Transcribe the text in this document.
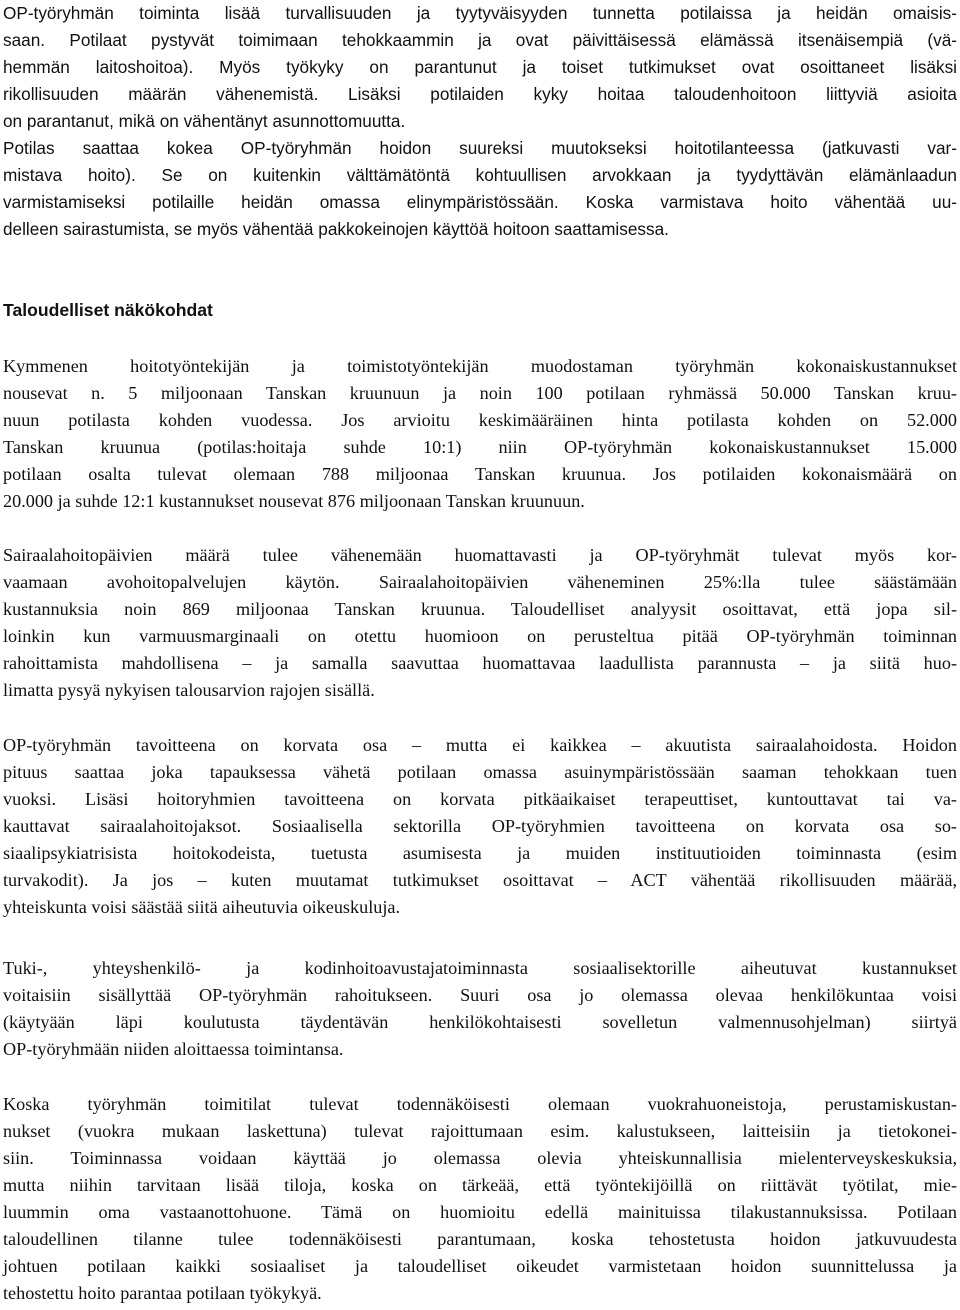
OP-työryhmän toiminta lisää turvallisuuden ja tyytyväisyyden tunnetta potilaissa ja heidän omaisis-
saan. Potilaat pystyvät toimimaan tehokkaammin ja ovat päivittäisessä elämässä itsenäisempiä (vä-
hemmän laitoshoitoa). Myös työkyky on parantunut ja toiset tutkimukset ovat osoittaneet lisäksi
rikollisuuden määrän vähenemistä. Lisäksi potilaiden kyky hoitaa taloudenhoitoon liittyviä asioita
on parantanut, mikä on vähentänyt asunnottomuutta.
Potilas saattaa kokea OP-työryhmän hoidon suureksi muutokseksi hoitotilanteessa (jatkuvasti var-
mistava hoito). Se on kuitenkin välttämätöntä kohtuullisen arvokkaan ja tyydyttävän elämänlaadun
varmistamiseksi potilaille heidän omassa elinympäristössään. Koska varmistava hoito vähentää uu-
delleen sairastumista, se myös vähentää pakkokeinojen käyttöä hoitoon saattamisessa.
Taloudelliset näkökohdat
Kymmenen hoitotyöntekijän ja toimistotyöntekijän muodostaman työryhmän kokonaiskustannukset
nousevat n. 5 miljoonaan Tanskan kruunuun ja noin 100 potilaan ryhmässä 50.000 Tanskan kruu-
nuun potilasta kohden vuodessa. Jos arvioitu keskimääräinen hinta potilasta kohden on 52.000
Tanskan kruunua (potilas:hoitaja suhde 10:1) niin OP-työryhmän kokonaiskustannukset 15.000
potilaan osalta tulevat olemaan 788 miljoonaa Tanskan kruunua. Jos potilaiden kokonaismäärä on
20.000 ja suhde 12:1 kustannukset nousevat 876 miljoonaan Tanskan kruunuun.
Sairaalahoitopäivien määrä tulee vähenemään huomattavasti ja OP-työryhmät tulevat myös kor-
vaamaan avohoitopalvelujen käytön. Sairaalahoitopäivien väheneminen 25%:lla tulee säästämään
kustannuksia noin 869 miljoonaa Tanskan kruunua. Taloudelliset analyysit osoittavat, että jopa sil-
loinkin kun varmuusmarginaali on otettu huomioon on perusteltua pitää OP-työryhmän toiminnan
rahoittamista mahdollisena – ja samalla saavuttaa huomattavaa laadullista parannusta – ja siitä huo-
limatta pysyä nykyisen talousarvion rajojen sisällä.
OP-työryhmän tavoitteena on korvata osa – mutta ei kaikkea – akuutista sairaalahoidosta. Hoidon
pituus saattaa joka tapauksessa vähetä potilaan omassa asuinympäristössään saaman tehokkaan tuen
vuoksi. Lisäsi hoitoryhmien tavoitteena on korvata pitkäaikaiset terapeuttiset, kuntouttavat tai va-
kauttavat sairaalahoitojaksot. Sosiaalisella sektorilla OP-työryhmien tavoitteena on korvata osa so-
siaalipsykiatrisista hoitokodeista, tuetusta asumisesta ja muiden instituutioiden toiminnasta (esim
turvakodit). Ja jos – kuten muutamat tutkimukset osoittavat – ACT vähentää rikollisuuden määrää,
yhteiskunta voisi säästää siitä aiheutuvia oikeuskuluja.
Tuki-, yhteyshenkilö- ja kodinhoitoavustajatoiminnasta sosiaalisektorille aiheutuvat kustannukset
voitaisiin sisällyttää OP-työryhmän rahoitukseen. Suuri osa jo olemassa olevaa henkilökuntaa voisi
(käytyään läpi koulutusta täydentävän henkilökohtaisesti sovelletun valmennusohjelman) siirtyä
OP-työryhmään niiden aloittaessa toimintansa.
Koska työryhmän toimitilat tulevat todennäköisesti olemaan vuokrahuoneistoja, perustamiskustan-
nukset (vuokra mukaan laskettuna) tulevat rajoittumaan esim. kalustukseen, laitteisiin ja tietokonei-
siin. Toiminnassa voidaan käyttää jo olemassa olevia yhteiskunnallisia mielenterveyskeskuksia,
mutta niihin tarvitaan lisää tiloja, koska on tärkeää, että työntekijöillä on riittävät työtilat, mie-
luummin oma vastaanottohuone. Tämä on huomioitu edellä mainituissa tilakustannuksissa. Potilaan
taloudellinen tilanne tulee todennäköisesti parantumaan, koska tehostetusta hoidon jatkuvuudesta
johtuen potilaan kaikki sosiaaliset ja taloudelliset oikeudet varmistetaan hoidon suunnittelussa ja
tehostettu hoito parantaa potilaan työkykyä.
